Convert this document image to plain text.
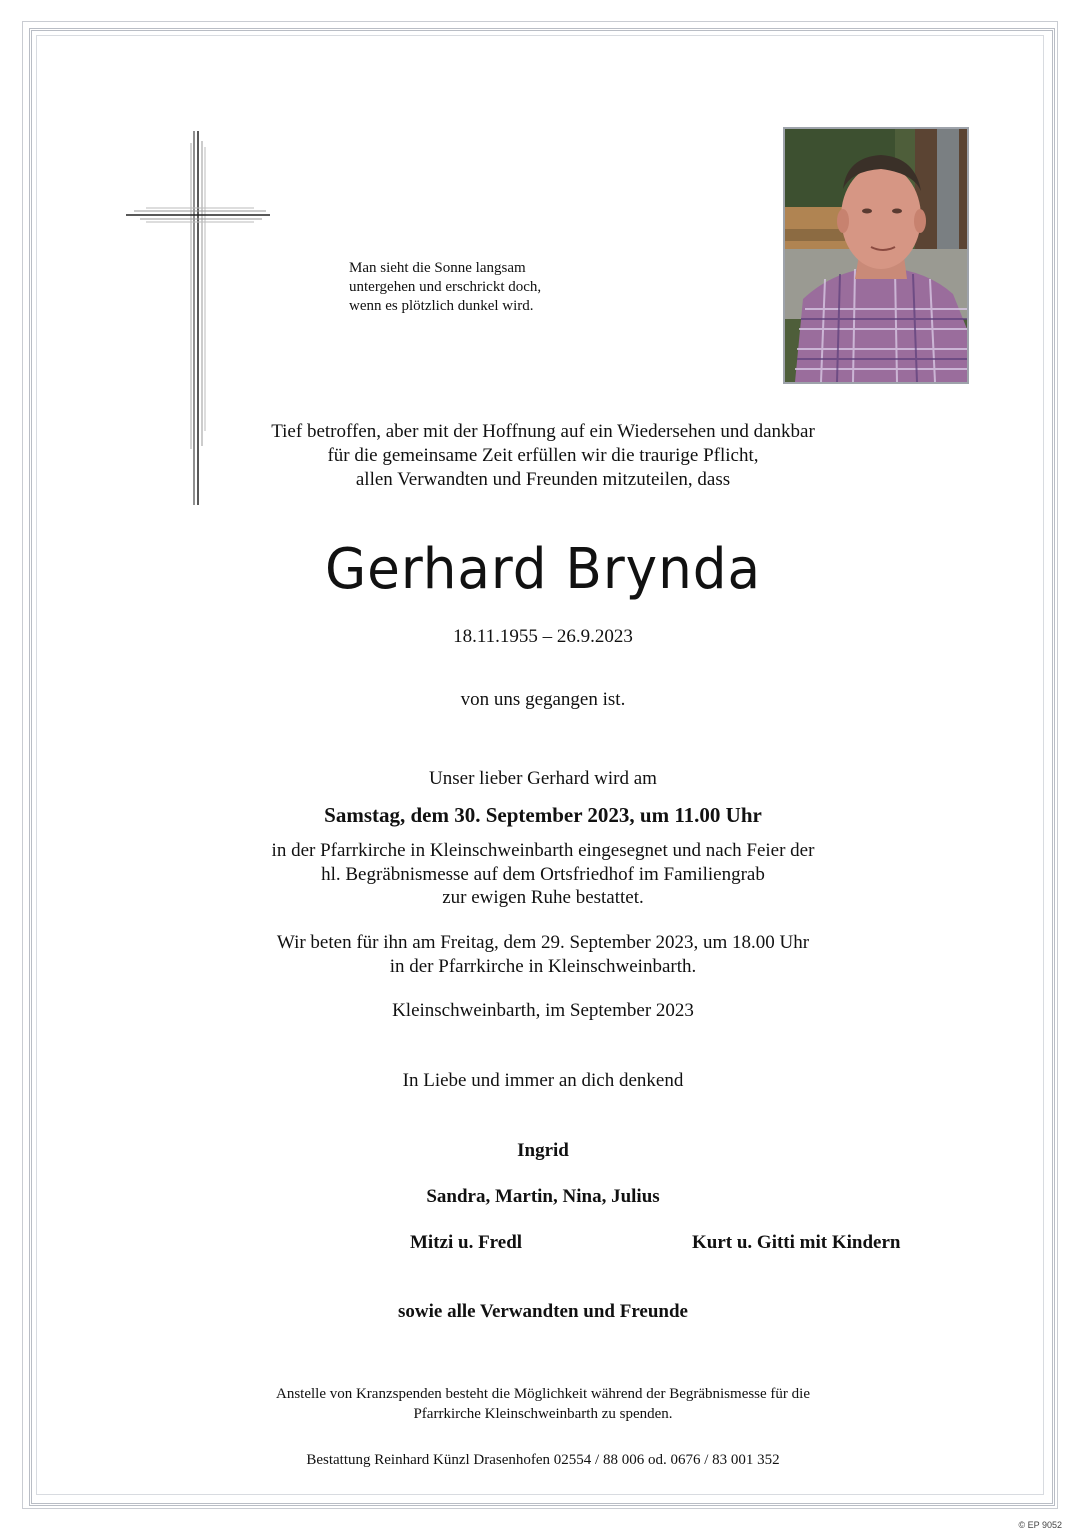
Man sieht die Sonne langsam
untergehen und erschrickt doch,
wenn es plötzlich dunkel wird.
Tief betroffen, aber mit der Hoffnung auf ein Wiedersehen und dankbar
für die gemeinsame Zeit erfüllen wir die traurige Pflicht,
allen Verwandten und Freunden mitzuteilen, dass
Gerhard Brynda
18.11.1955 – 26.9.2023
von uns gegangen ist.
Unser lieber Gerhard wird am
Samstag, dem 30. September 2023, um 11.00 Uhr
in der Pfarrkirche in Kleinschweinbarth eingesegnet und nach Feier der
hl. Begräbnismesse auf dem Ortsfriedhof im Familiengrab
zur ewigen Ruhe bestattet.
Wir beten für ihn am Freitag, dem 29. September 2023, um 18.00 Uhr
in der Pfarrkirche in Kleinschweinbarth.
Kleinschweinbarth, im September 2023
In Liebe und immer an dich denkend
Ingrid
Sandra, Martin, Nina, Julius
Mitzi u. Fredl	Kurt u. Gitti mit Kindern
sowie alle Verwandten und Freunde
Anstelle von Kranzspenden besteht die Möglichkeit während der Begräbnismesse für die
Pfarrkirche Kleinschweinbarth zu spenden.
Bestattung Reinhard Künzl Drasenhofen 02554 / 88 006 od. 0676 / 83 001 352
© EP 9052
